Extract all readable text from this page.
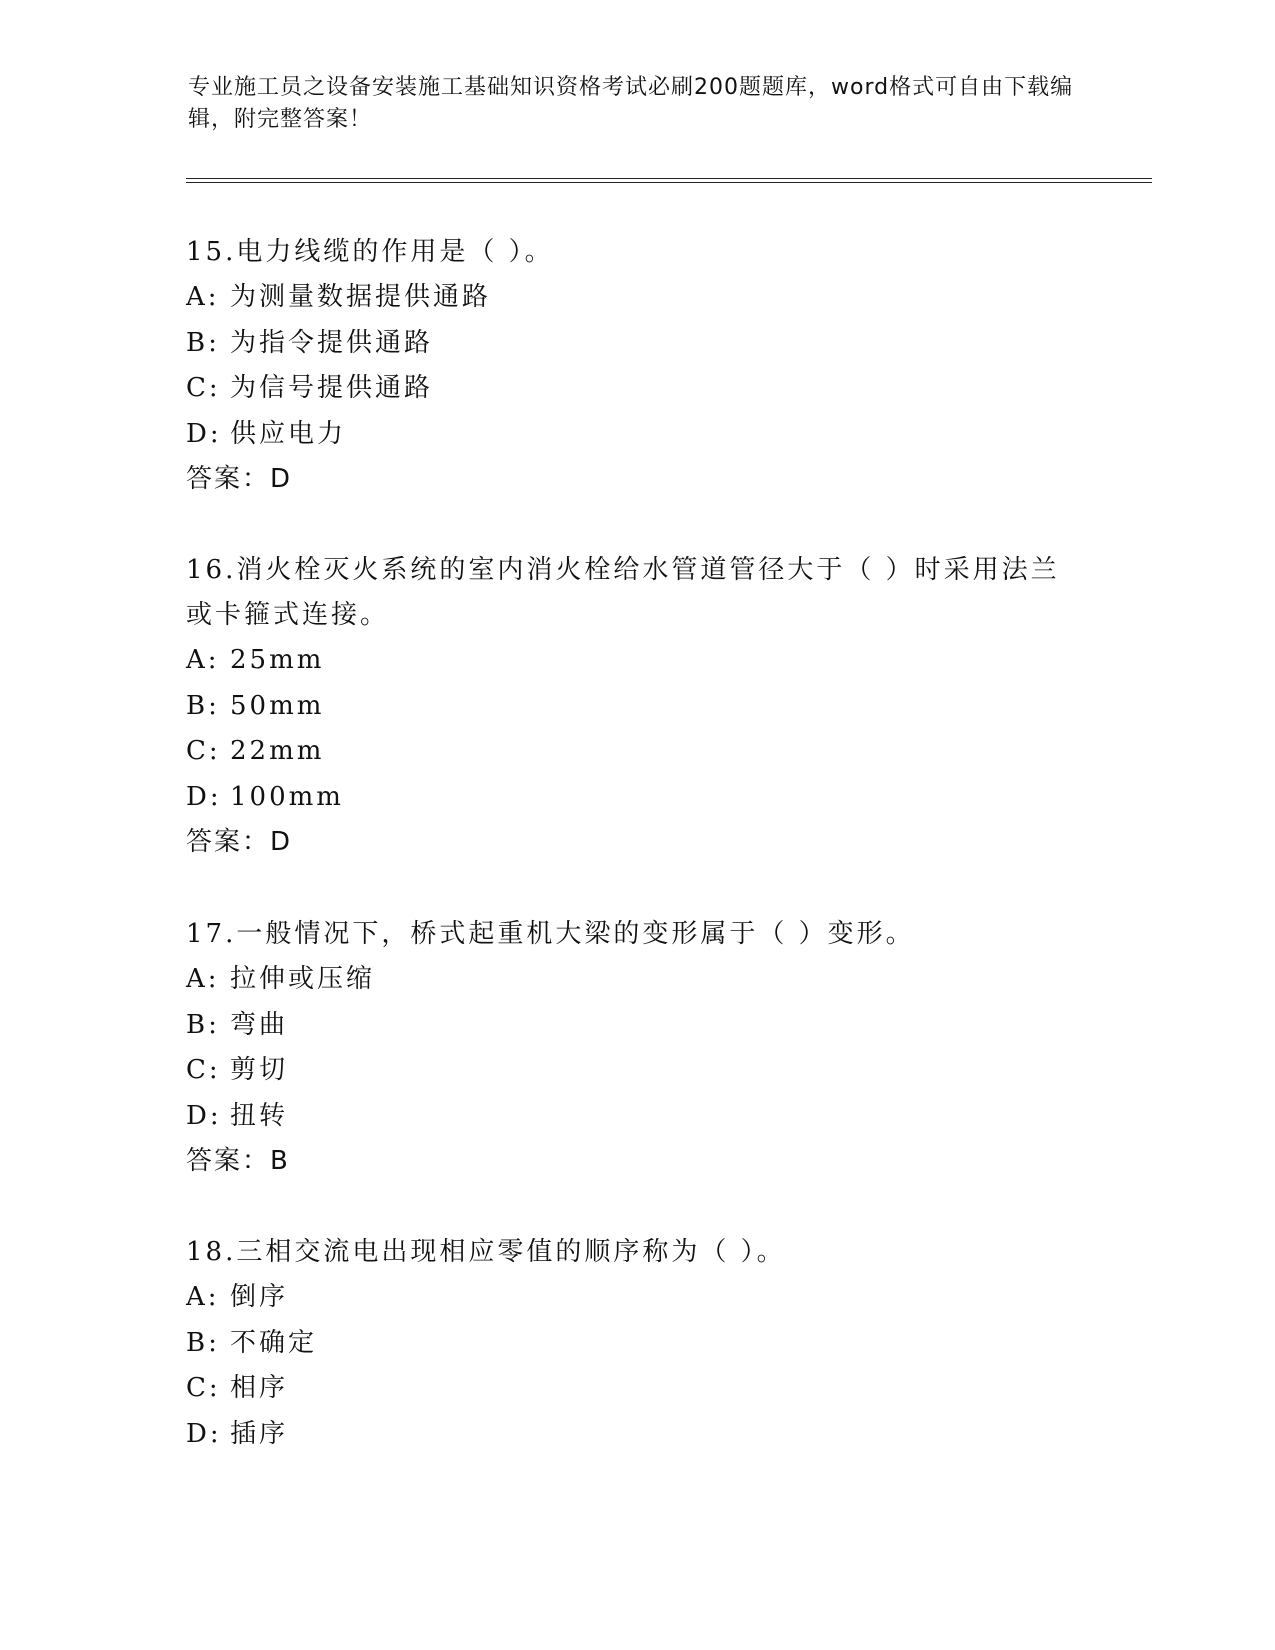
专业施工员之设备安装施工基础知识资格考试必刷200题题库，word格式可自由下载编辑，附完整答案！

15.电力线缆的作用是（ ）。

A: 为测量数据提供通路

B: 为指令提供通路

C: 为信号提供通路

D: 供应电力

答案：D

16.消火栓灭火系统的室内消火栓给水管道管径大于（ ）时采用法兰或卡箍式连接。

A: 25mm

B: 50mm

C: 22mm

D: 100mm

答案：D

17.一般情况下，桥式起重机大梁的变形属于（ ）变形。

A: 拉伸或压缩

B: 弯曲

C: 剪切

D: 扭转

答案：B

18.三相交流电出现相应零值的顺序称为（ ）。

A: 倒序

B: 不确定

C: 相序

D: 插序
